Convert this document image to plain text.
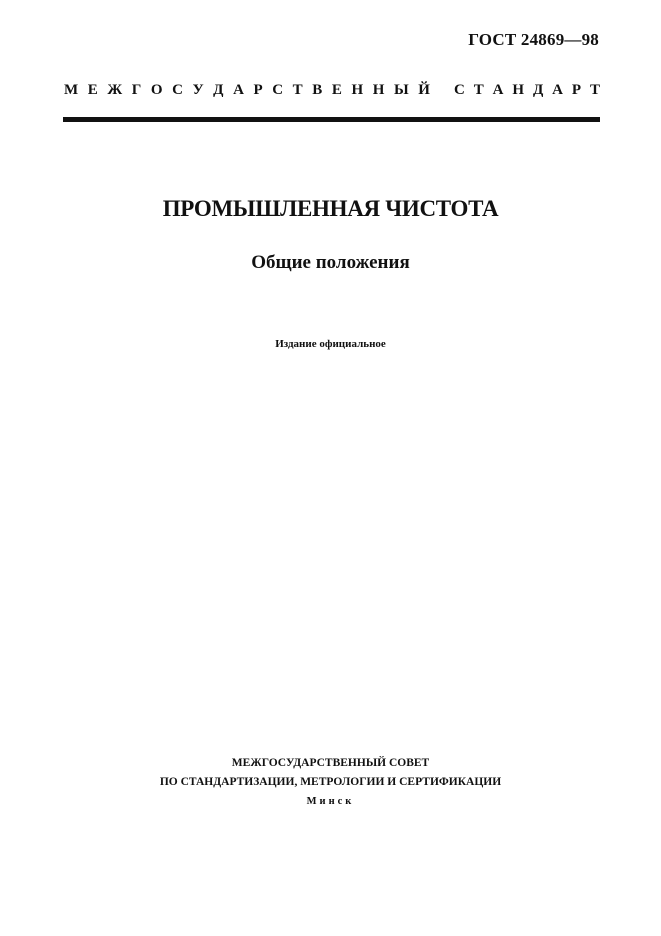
ГОСТ 24869—98
М Е Ж Г О С У Д А Р С Т В Е Н Н Ы Й С Т А Н Д А Р Т
ПРОМЫШЛЕННАЯ ЧИСТОТА
Общие положения
Издание официальное
МЕЖГОСУДАРСТВЕННЫЙ СОВЕТ
ПО СТАНДАРТИЗАЦИИ, МЕТРОЛОГИИ И СЕРТИФИКАЦИИ
Минск
